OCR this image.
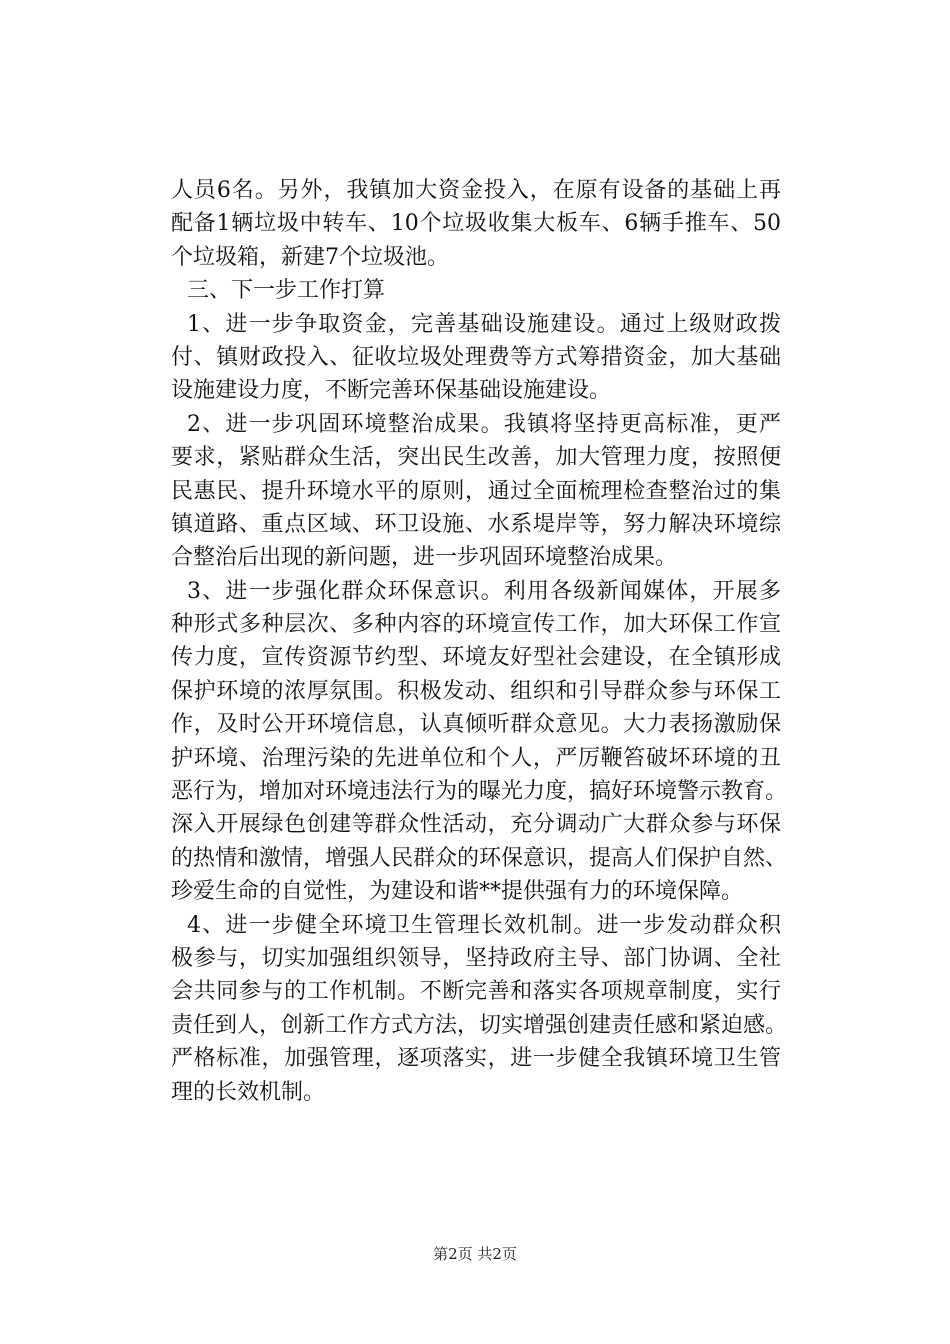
人员6名。另外，我镇加大资金投入，在原有设备的基础上再
配备1辆垃圾中转车、10个垃圾收集大板车、6辆手推车、50
个垃圾箱，新建7个垃圾池。
三、下一步工作打算
1、进一步争取资金，完善基础设施建设。通过上级财政拨
付、镇财政投入、征收垃圾处理费等方式筹措资金，加大基础
设施建设力度，不断完善环保基础设施建设。
2、进一步巩固环境整治成果。我镇将坚持更高标准，更严
要求，紧贴群众生活，突出民生改善，加大管理力度，按照便
民惠民、提升环境水平的原则，通过全面梳理检查整治过的集
镇道路、重点区域、环卫设施、水系堤岸等，努力解决环境综
合整治后出现的新问题，进一步巩固环境整治成果。
3、进一步强化群众环保意识。利用各级新闻媒体，开展多
种形式多种层次、多种内容的环境宣传工作，加大环保工作宣
传力度，宣传资源节约型、环境友好型社会建设，在全镇形成
保护环境的浓厚氛围。积极发动、组织和引导群众参与环保工
作，及时公开环境信息，认真倾听群众意见。大力表扬激励保
护环境、治理污染的先进单位和个人，严厉鞭笞破坏环境的丑
恶行为，增加对环境违法行为的曝光力度，搞好环境警示教育。
深入开展绿色创建等群众性活动，充分调动广大群众参与环保
的热情和激情，增强人民群众的环保意识，提高人们保护自然、
珍爱生命的自觉性，为建设和谐**提供强有力的环境保障。
4、进一步健全环境卫生管理长效机制。进一步发动群众积
极参与，切实加强组织领导，坚持政府主导、部门协调、全社
会共同参与的工作机制。不断完善和落实各项规章制度，实行
责任到人，创新工作方式方法，切实增强创建责任感和紧迫感。
严格标准，加强管理，逐项落实，进一步健全我镇环境卫生管
理的长效机制。
第2页 共2页
